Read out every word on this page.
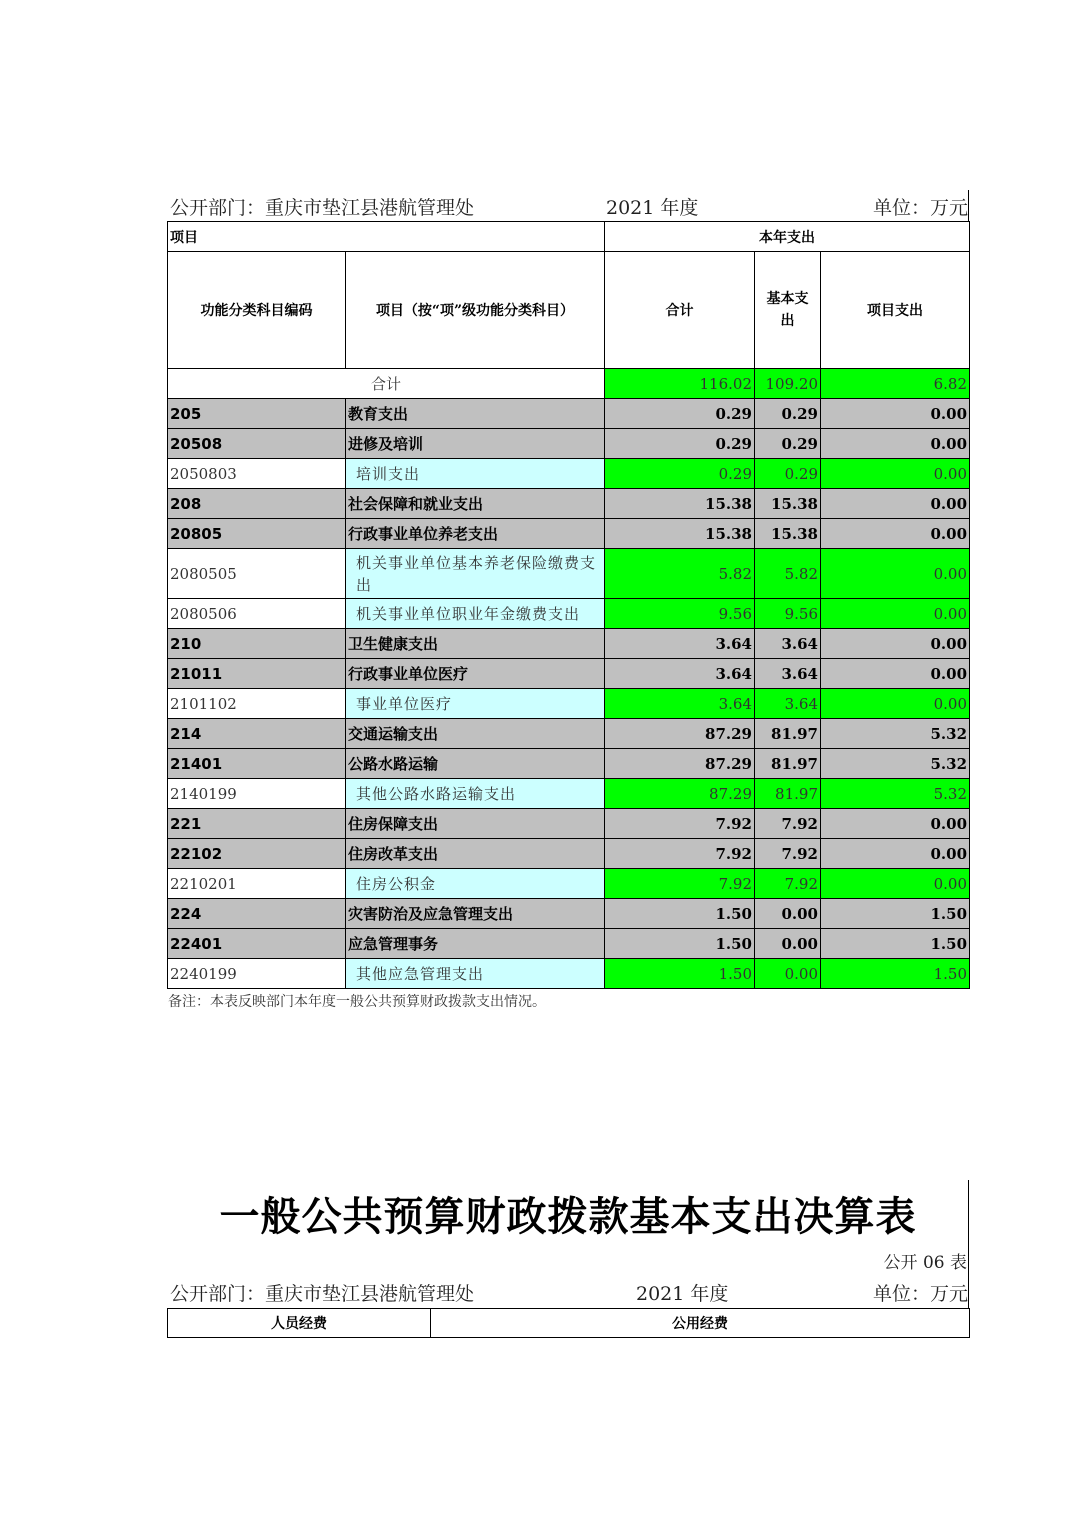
公开部门：重庆市垫江县港航管理处	2021 年度	单位：万元
项目		本年支出		
功能分类科目编码	项目（按“项”级功能分类科目）	合计	基本支出	项目支出
合计		116.02	109.20	6.82
205	教育支出	0.29	0.29	0.00
20508	进修及培训	0.29	0.29	0.00
2050803	培训支出	0.29	0.29	0.00
208	社会保障和就业支出	15.38	15.38	0.00
20805	行政事业单位养老支出	15.38	15.38	0.00
2080505	机关事业单位基本养老保险缴费支出	5.82	5.82	0.00
2080506	机关事业单位职业年金缴费支出	9.56	9.56	0.00
210	卫生健康支出	3.64	3.64	0.00
21011	行政事业单位医疗	3.64	3.64	0.00
2101102	事业单位医疗	3.64	3.64	0.00
214	交通运输支出	87.29	81.97	5.32
21401	公路水路运输	87.29	81.97	5.32
2140199	其他公路水路运输支出	87.29	81.97	5.32
221	住房保障支出	7.92	7.92	0.00
22102	住房改革支出	7.92	7.92	0.00
2210201	住房公积金	7.92	7.92	0.00
224	灾害防治及应急管理支出	1.50	0.00	1.50
22401	应急管理事务	1.50	0.00	1.50
2240199	其他应急管理支出	1.50	0.00	1.50
备注：本表反映部门本年度一般公共预算财政拨款支出情况。
一般公共预算财政拨款基本支出决算表
公开 06 表
公开部门：重庆市垫江县港航管理处	2021 年度	单位：万元
人员经费	公用经费
